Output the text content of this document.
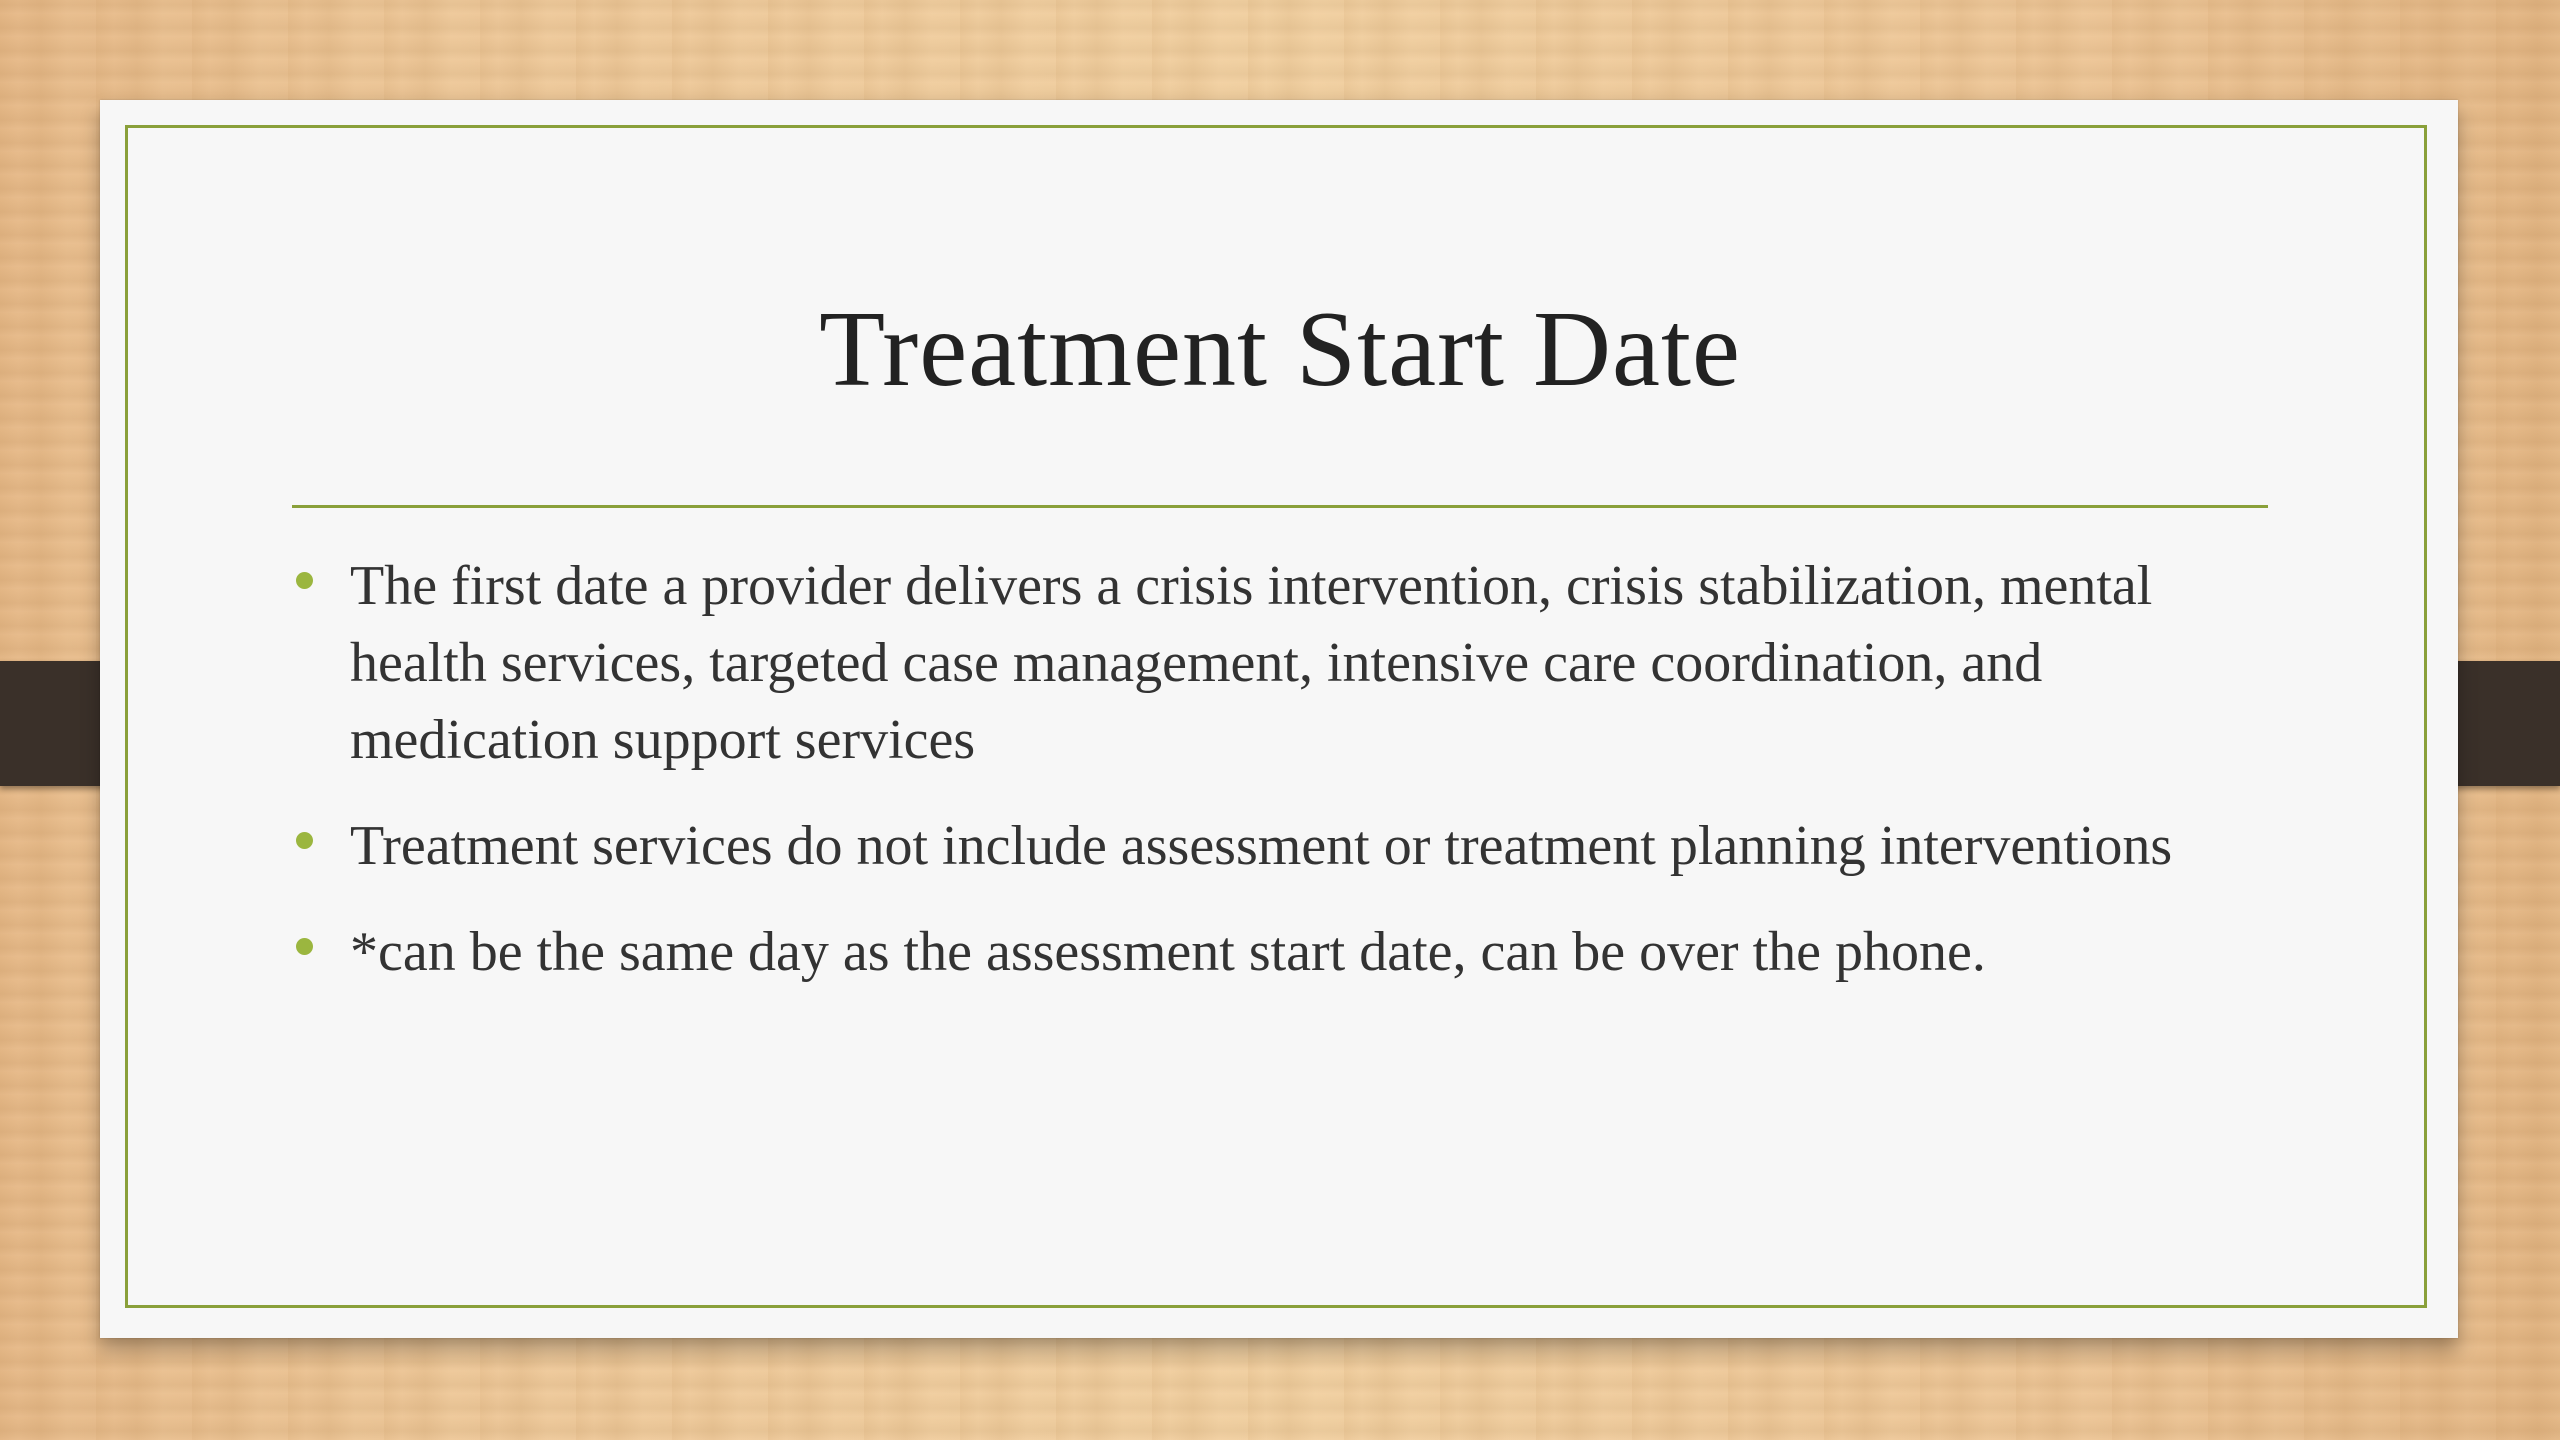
Treatment Start Date
The first date a provider delivers a crisis intervention, crisis stabilization, mental health services, targeted case management, intensive care coordination, and medication support services
Treatment services do not include assessment or treatment planning interventions
*can be the same day as the assessment start date, can be over the phone.
